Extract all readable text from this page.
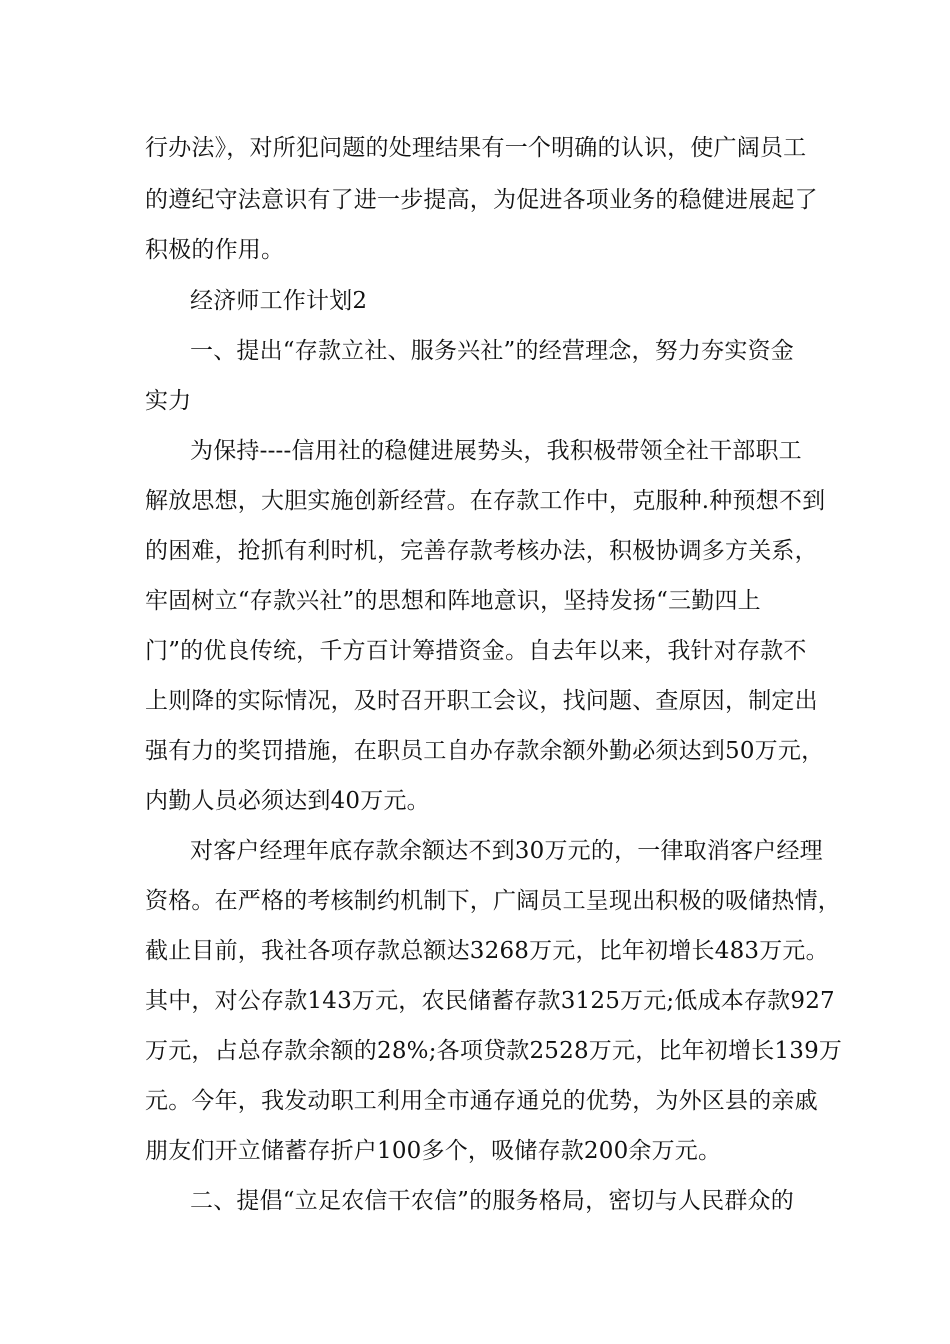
行办法》，对所犯问题的处理结果有一个明确的认识，使广阔员工
的遵纪守法意识有了进一步提高，为促进各项业务的稳健进展起了
积极的作用。
经济师工作计划2
一、提出“存款立社、服务兴社”的经营理念，努力夯实资金
实力
为保持----信用社的稳健进展势头，我积极带领全社干部职工
解放思想，大胆实施创新经营。在存款工作中，克服种.种预想不到
的困难，抢抓有利时机，完善存款考核办法，积极协调多方关系，
牢固树立“存款兴社”的思想和阵地意识，坚持发扬“三勤四上
门”的优良传统，千方百计筹措资金。自去年以来，我针对存款不
上则降的实际情况，及时召开职工会议，找问题、查原因，制定出
强有力的奖罚措施，在职员工自办存款余额外勤必须达到50万元，
内勤人员必须达到40万元。
对客户经理年底存款余额达不到30万元的，一律取消客户经理
资格。在严格的考核制约机制下，广阔员工呈现出积极的吸储热情，
截止目前，我社各项存款总额达3268万元，比年初增长483万元。
其中，对公存款143万元，农民储蓄存款3125万元;低成本存款927
万元，占总存款余额的28%;各项贷款2528万元，比年初增长139万
元。今年，我发动职工利用全市通存通兑的优势，为外区县的亲戚
朋友们开立储蓄存折户100多个，吸储存款200余万元。
二、提倡“立足农信干农信”的服务格局，密切与人民群众的
